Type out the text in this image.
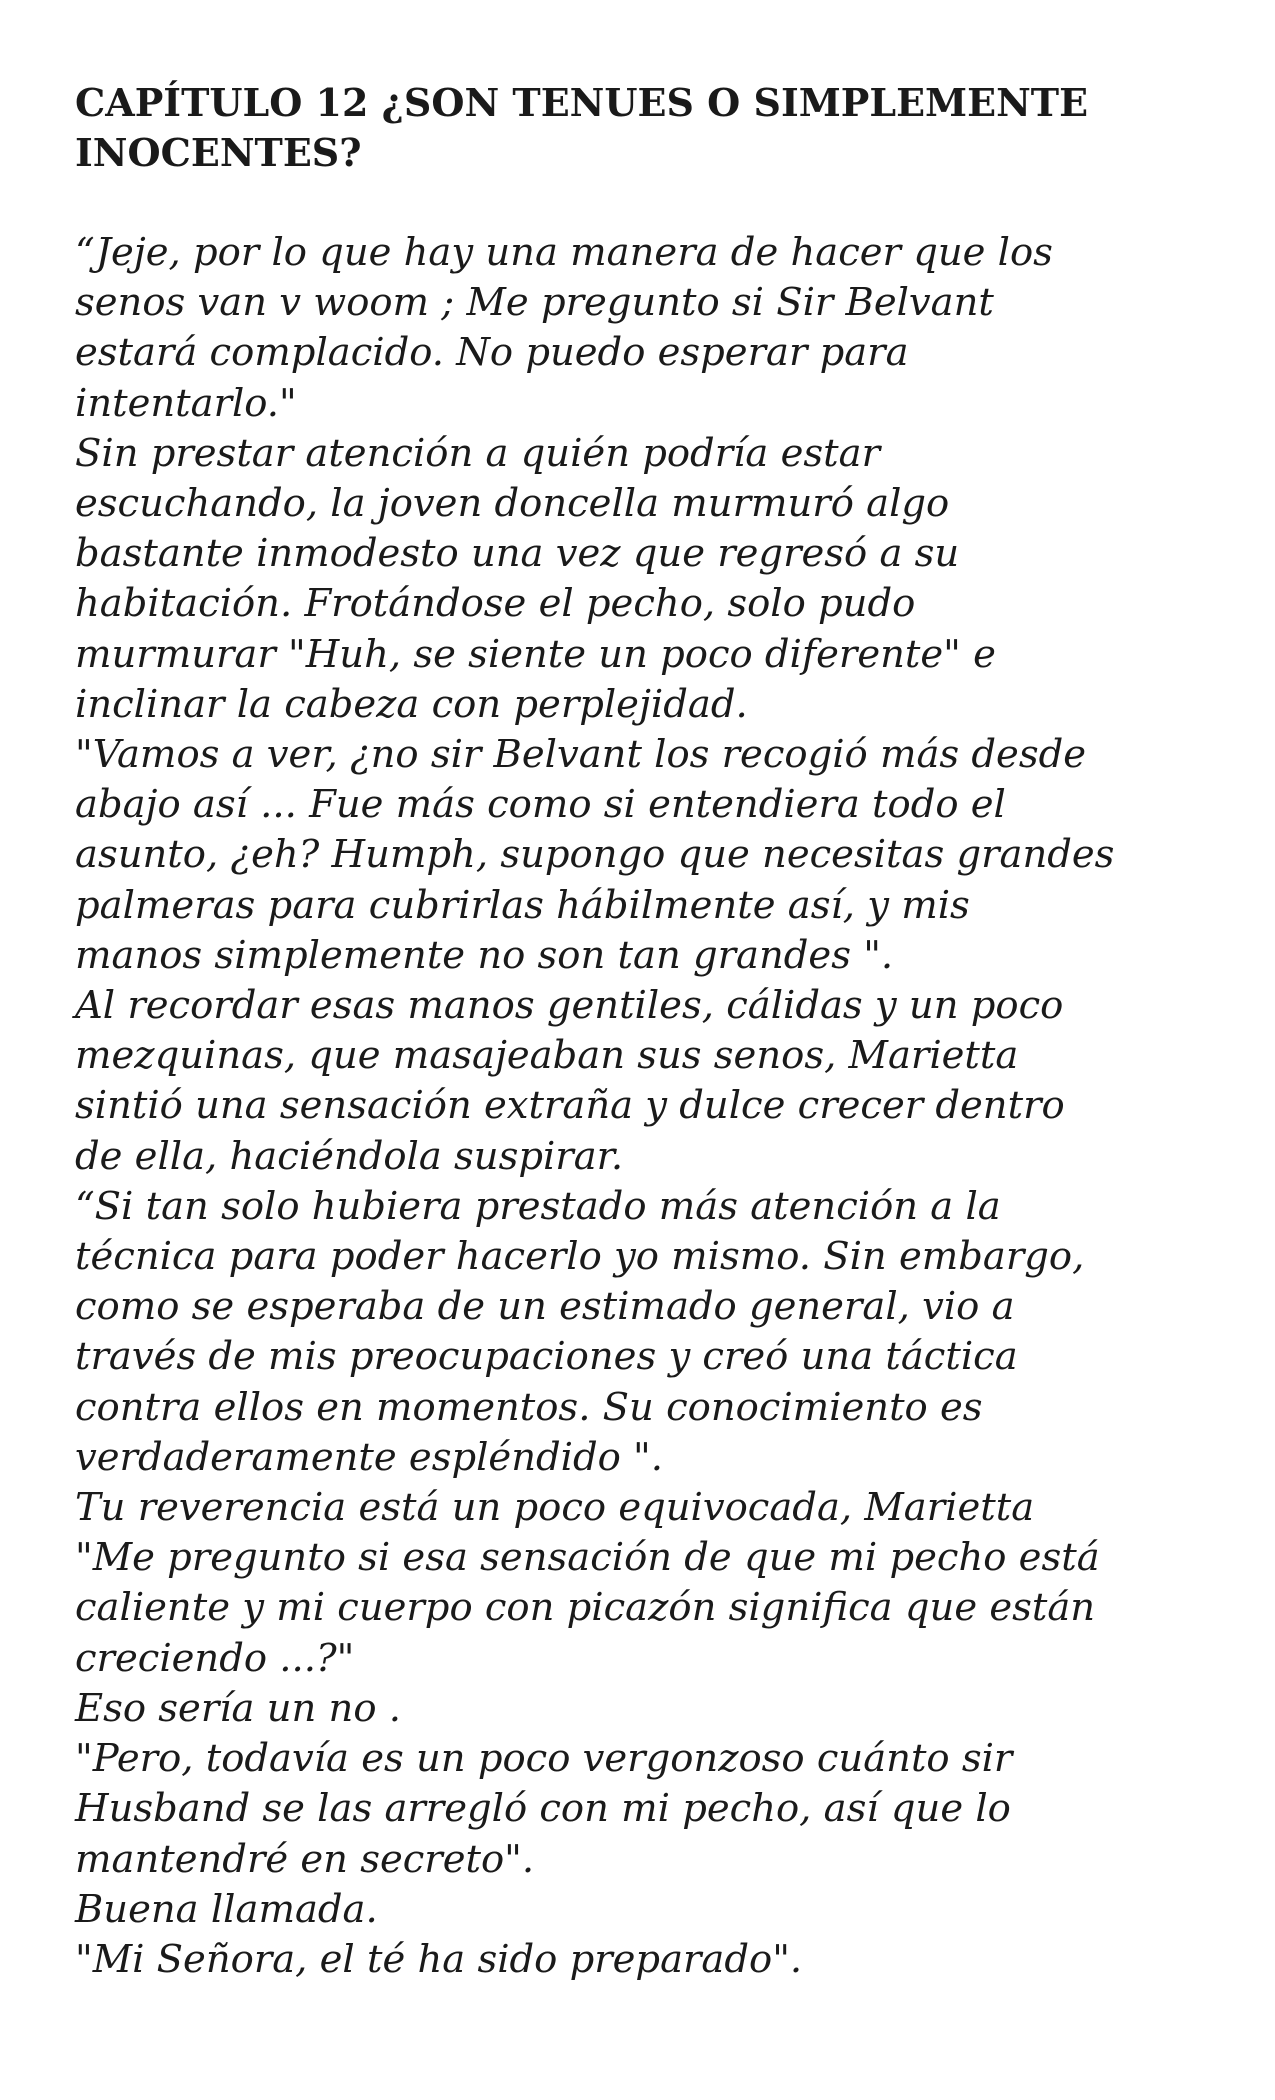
CAPÍTULO 12 ¿SON TENUES O SIMPLEMENTE
INOCENTES?

“Jeje, por lo que hay una manera de hacer que los
senos van v woom ; Me pregunto si Sir Belvant
estará complacido. No puedo esperar para
intentarlo."

Sin prestar atención a quién podría estar
escuchando, la joven doncella murmuró algo
bastante inmodesto una vez que regresó a su
habitación. Frotándose el pecho, solo pudo
murmurar "Huh, se siente un poco diferente" e
inclinar la cabeza con perplejidad.

"Vamos a ver, ¿no sir Belvant los recogió más desde
abajo así ... Fue más como si entendiera todo el
asunto, ¿eh? Humph, supongo que necesitas grandes
palmeras para cubrirlas hábilmente así, y mis
manos simplemente no son tan grandes ".

Al recordar esas manos gentiles, cálidas y un poco
mezquinas, que masajeaban sus senos, Marietta
sintió una sensación extraña y dulce crecer dentro
de ella, haciéndola suspirar.

“Si tan solo hubiera prestado más atención a la
técnica para poder hacerlo yo mismo. Sin embargo,
como se esperaba de un estimado general, vio a
través de mis preocupaciones y creó una táctica
contra ellos en momentos. Su conocimiento es
verdaderamente espléndido ".

Tu reverencia está un poco equivocada, Marietta

"Me pregunto si esa sensación de que mi pecho está
caliente y mi cuerpo con picazón significa que están
creciendo ...?"

Eso sería un no .

"Pero, todavía es un poco vergonzoso cuánto sir
Husband se las arregló con mi pecho, así que lo
mantendré en secreto".

Buena llamada.

"Mi Señora, el té ha sido preparado".
